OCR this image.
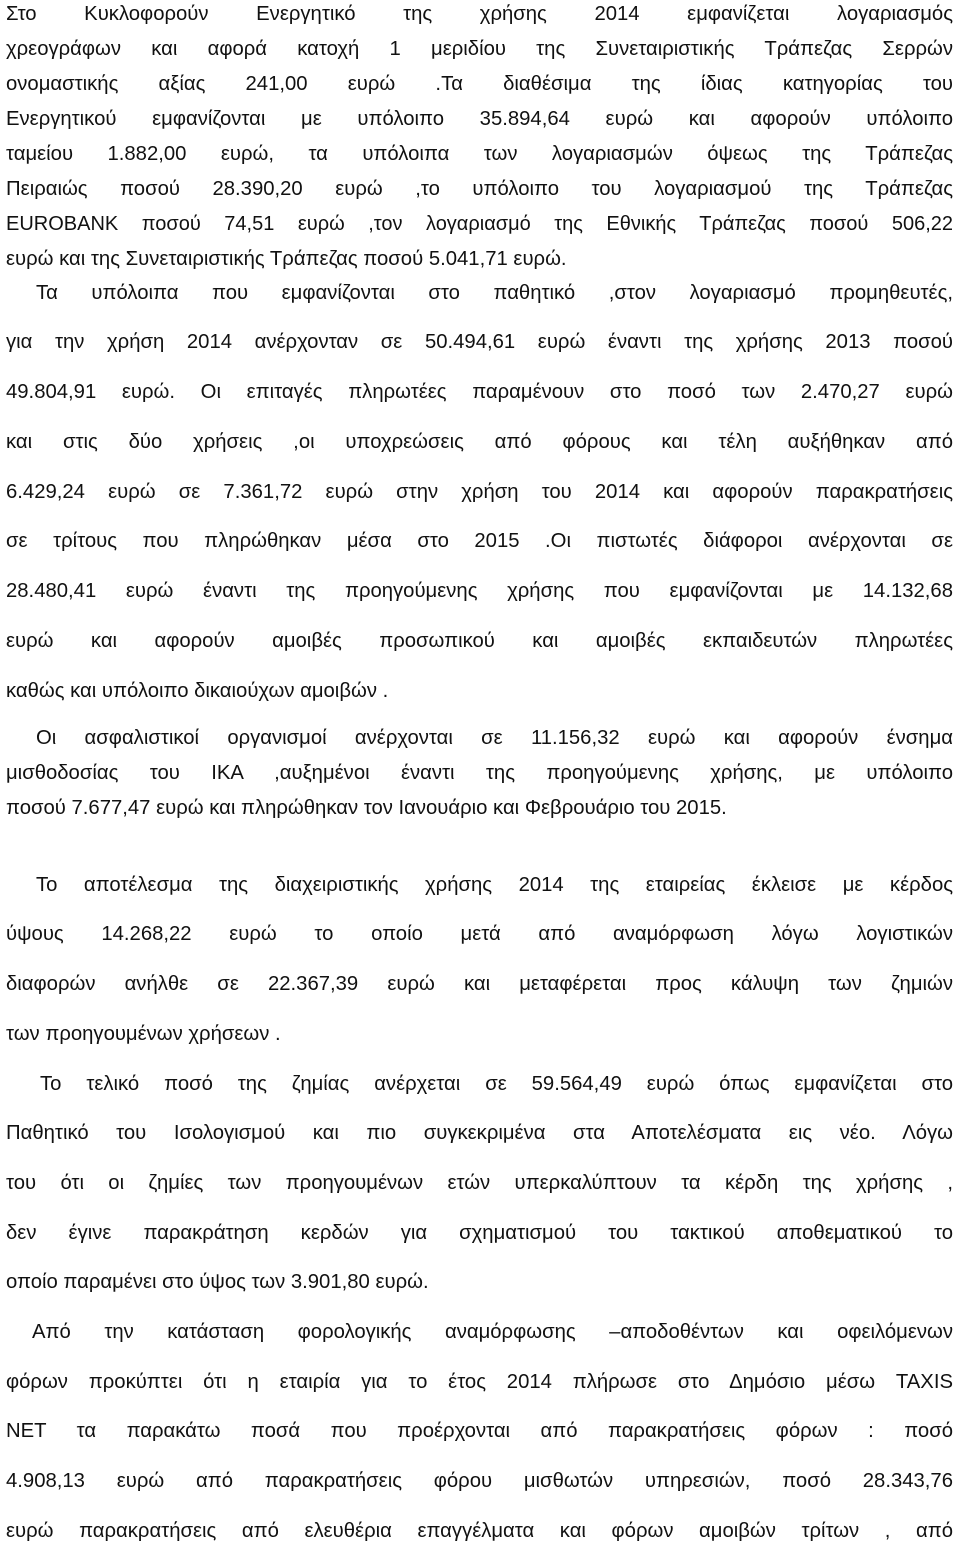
Στο Κυκλοφορούν Ενεργητικό της χρήσης 2014 εμφανίζεται λογαριασμός
χρεογράφων και αφορά κατοχή 1 μεριδίου της Συνεταιριστικής Τράπεζας Σερρών
ονομαστικής αξίας 241,00 ευρώ .Τα διαθέσιμα της ίδιας κατηγορίας του
Ενεργητικού εμφανίζονται με υπόλοιπο 35.894,64 ευρώ και αφορούν υπόλοιπο
ταμείου 1.882,00 ευρώ, τα υπόλοιπα των λογαριασμών όψεως της Τράπεζας
Πειραιώς ποσού 28.390,20 ευρώ ,το υπόλοιπο του λογαριασμού της Τράπεζας
EUROBANK ποσού 74,51 ευρώ ,τον λογαριασμό της Εθνικής Τράπεζας ποσού 506,22
ευρώ και της Συνεταιριστικής Τράπεζας ποσού 5.041,71 ευρώ.
Τα υπόλοιπα που εμφανίζονται στο παθητικό ,στον λογαριασμό προμηθευτές,
για την χρήση 2014 ανέρχονταν σε 50.494,61 ευρώ έναντι της χρήσης 2013 ποσού
49.804,91 ευρώ. Οι επιταγές πληρωτέες παραμένουν στο ποσό των 2.470,27 ευρώ
και στις δύο χρήσεις ,οι υποχρεώσεις από φόρους και τέλη αυξήθηκαν από
6.429,24 ευρώ σε 7.361,72 ευρώ στην χρήση του 2014 και αφορούν παρακρατήσεις
σε τρίτους που πληρώθηκαν μέσα στο 2015 .Οι πιστωτές διάφοροι ανέρχονται σε
28.480,41 ευρώ έναντι της προηγούμενης χρήσης που εμφανίζονται με 14.132,68
ευρώ και αφορούν αμοιβές προσωπικού και αμοιβές εκπαιδευτών πληρωτέες
καθώς και υπόλοιπο δικαιούχων αμοιβών .
Οι ασφαλιστικοί οργανισμοί ανέρχονται σε 11.156,32 ευρώ και αφορούν ένσημα
μισθοδοσίας του ΙΚΑ ,αυξημένοι έναντι της προηγούμενης χρήσης, με υπόλοιπο
ποσού 7.677,47 ευρώ και πληρώθηκαν τον Ιανουάριο και Φεβρουάριο του 2015.
Το αποτέλεσμα της διαχειριστικής χρήσης 2014 της εταιρείας έκλεισε με κέρδος
ύψους 14.268,22 ευρώ το οποίο μετά από αναμόρφωση λόγω λογιστικών
διαφορών ανήλθε σε 22.367,39 ευρώ και μεταφέρεται προς κάλυψη των ζημιών
των προηγουμένων χρήσεων .
Το τελικό ποσό της ζημίας ανέρχεται σε 59.564,49 ευρώ όπως εμφανίζεται στο
Παθητικό του Ισολογισμού και πιο συγκεκριμένα στα Αποτελέσματα εις νέο. Λόγω
του ότι οι ζημίες των προηγουμένων ετών υπερκαλύπτουν τα κέρδη της χρήσης ,
δεν έγινε παρακράτηση κερδών για σχηματισμού του τακτικού αποθεματικού το
οποίο παραμένει στο ύψος των 3.901,80 ευρώ.
Από την κατάσταση φορολογικής αναμόρφωσης –αποδοθέντων και οφειλόμενων
φόρων προκύπτει ότι η εταιρία για το έτος 2014 πλήρωσε στο Δημόσιο μέσω TAXIS
NET τα παρακάτω ποσά που προέρχονται από παρακρατήσεις φόρων : ποσό
4.908,13 ευρώ από παρακρατήσεις φόρου μισθωτών υπηρεσιών, ποσό 28.343,76
ευρώ παρακρατήσεις από ελευθέρια επαγγέλματα και φόρων αμοιβών τρίτων , από
